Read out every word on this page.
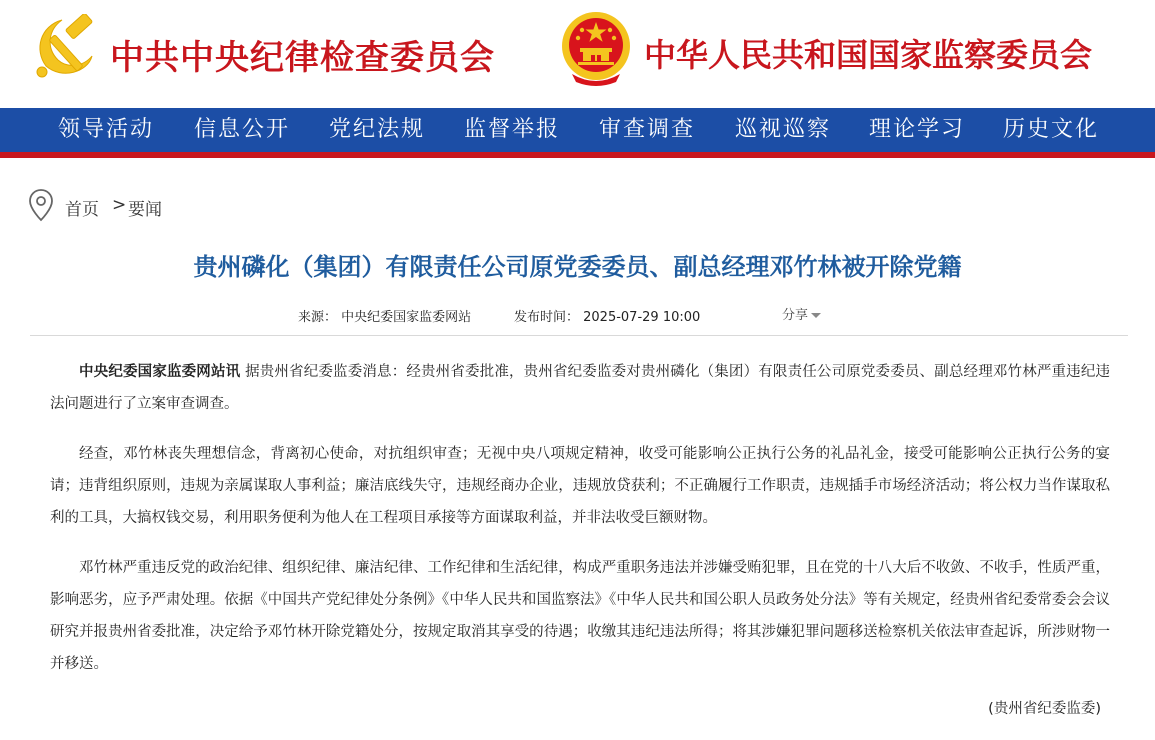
中共中央纪律检查委员会	中华人民共和国国家监察委员会
领导活动 信息公开 党纪法规 监督举报 审查调查 巡视巡察 理论学习 历史文化
首页 > 要闻
贵州磷化（集团）有限责任公司原党委委员、副总经理邓竹林被开除党籍
来源： 中央纪委国家监委网站	发布时间： 2025-07-29 10:00	分享

中央纪委国家监委网站讯 据贵州省纪委监委消息：经贵州省委批准，贵州省纪委监委对贵州磷化（集团）有限责任公司原党委委员、副总经理邓竹林严重违纪违法问题进行了立案审查调查。

经查，邓竹林丧失理想信念，背离初心使命，对抗组织审查；无视中央八项规定精神，收受可能影响公正执行公务的礼品礼金，接受可能影响公正执行公务的宴请；违背组织原则，违规为亲属谋取人事利益；廉洁底线失守，违规经商办企业，违规放贷获利；不正确履行工作职责，违规插手市场经济活动；将公权力当作谋取私利的工具，大搞权钱交易，利用职务便利为他人在工程项目承接等方面谋取利益，并非法收受巨额财物。

邓竹林严重违反党的政治纪律、组织纪律、廉洁纪律、工作纪律和生活纪律，构成严重职务违法并涉嫌受贿犯罪，且在党的十八大后不收敛、不收手，性质严重，影响恶劣，应予严肃处理。依据《中国共产党纪律处分条例》《中华人民共和国监察法》《中华人民共和国公职人员政务处分法》等有关规定，经贵州省纪委常委会会议研究并报贵州省委批准，决定给予邓竹林开除党籍处分，按规定取消其享受的待遇；收缴其违纪违法所得；将其涉嫌犯罪问题移送检察机关依法审查起诉，所涉财物一并移送。

(贵州省纪委监委)
